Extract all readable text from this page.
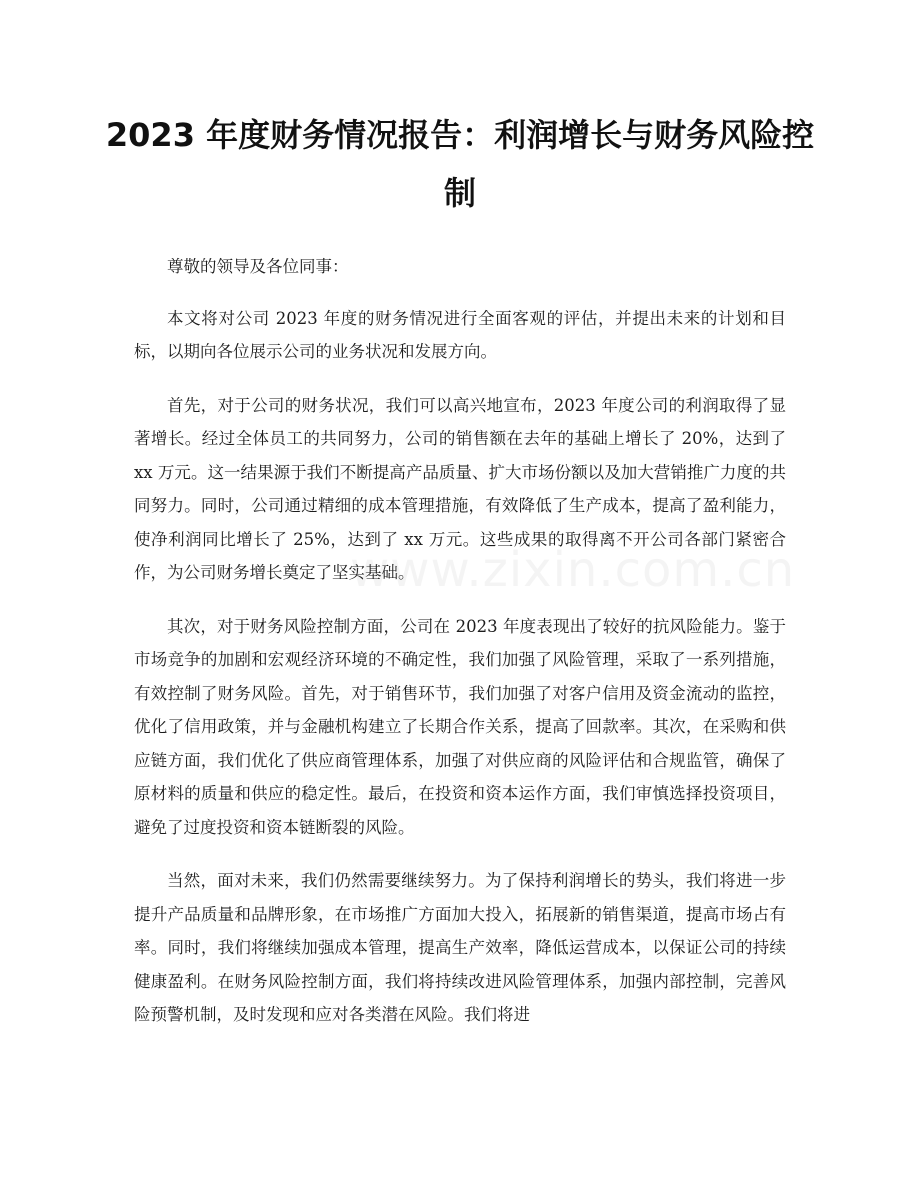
2023 年度财务情况报告：利润增长与财务风险控制

尊敬的领导及各位同事：

本文将对公司 2023 年度的财务情况进行全面客观的评估，并提出未来的计划和目标，以期向各位展示公司的业务状况和发展方向。

首先，对于公司的财务状况，我们可以高兴地宣布，2023 年度公司的利润取得了显著增长。经过全体员工的共同努力，公司的销售额在去年的基础上增长了 20%，达到了 xx 万元。这一结果源于我们不断提高产品质量、扩大市场份额以及加大营销推广力度的共同努力。同时，公司通过精细的成本管理措施，有效降低了生产成本，提高了盈利能力，使净利润同比增长了 25%，达到了 xx 万元。这些成果的取得离不开公司各部门紧密合作，为公司财务增长奠定了坚实基础。

其次，对于财务风险控制方面，公司在 2023 年度表现出了较好的抗风险能力。鉴于市场竞争的加剧和宏观经济环境的不确定性，我们加强了风险管理，采取了一系列措施，有效控制了财务风险。首先，对于销售环节，我们加强了对客户信用及资金流动的监控，优化了信用政策，并与金融机构建立了长期合作关系，提高了回款率。其次，在采购和供应链方面，我们优化了供应商管理体系，加强了对供应商的风险评估和合规监管，确保了原材料的质量和供应的稳定性。最后，在投资和资本运作方面，我们审慎选择投资项目，避免了过度投资和资本链断裂的风险。

当然，面对未来，我们仍然需要继续努力。为了保持利润增长的势头，我们将进一步提升产品质量和品牌形象，在市场推广方面加大投入，拓展新的销售渠道，提高市场占有率。同时，我们将继续加强成本管理，提高生产效率，降低运营成本，以保证公司的持续健康盈利。在财务风险控制方面，我们将持续改进风险管理体系，加强内部控制，完善风险预警机制，及时发现和应对各类潜在风险。我们将进

www.zixin.com.cn
